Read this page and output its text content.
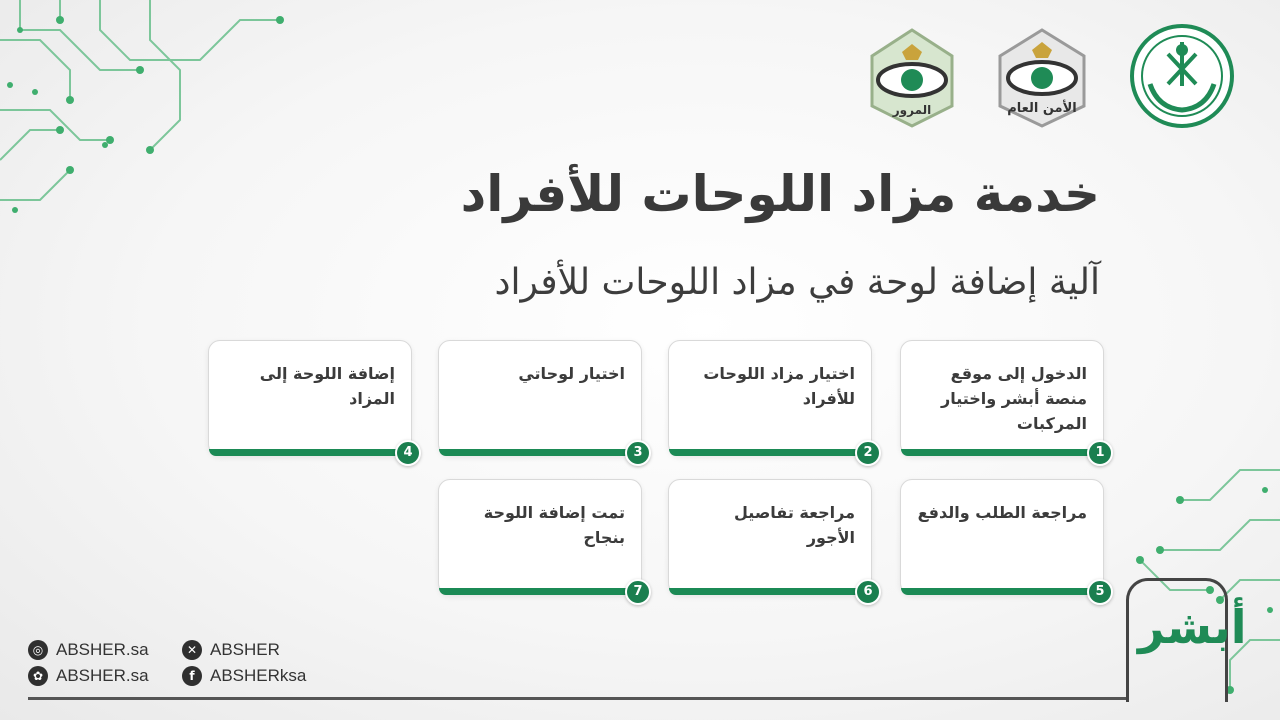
الأمن العام
المرور
خدمة مزاد اللوحات للأفراد
آلية إضافة لوحة في مزاد اللوحات للأفراد
الدخول إلى موقع منصة أبشر واختيار المركبات
1
اختيار مزاد اللوحات للأفراد
2
اختيار لوحاتي
3
إضافة اللوحة إلى المزاد
4
مراجعة الطلب والدفع
5
مراجعة تفاصيل الأجور
6
تمت إضافة اللوحة بنجاح
7
◎ ABSHER.sa
✿ ABSHER.sa
✕ ABSHER
f ABSHERksa
أبشر
